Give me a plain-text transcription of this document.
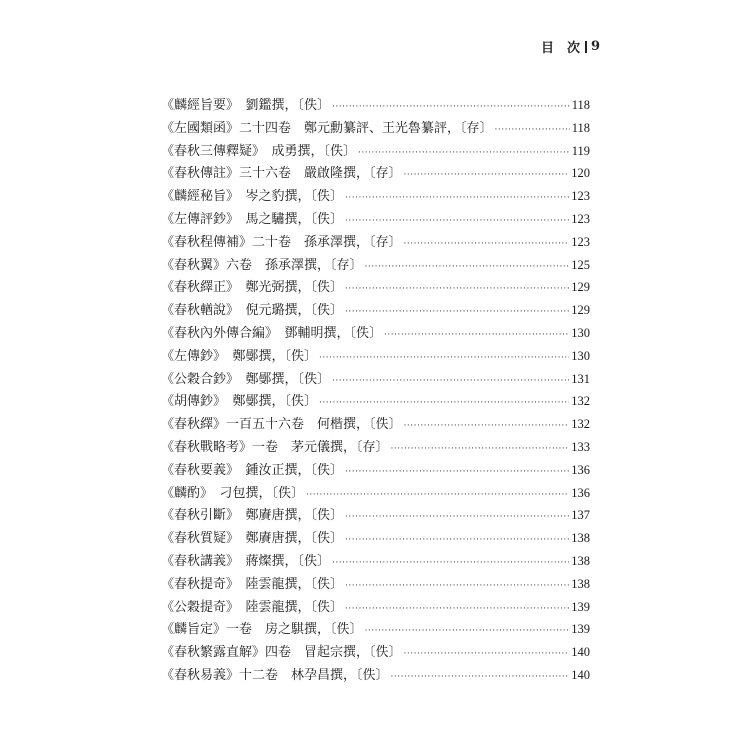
目　次 9
《麟經旨要》　劉鑑撰，〔佚〕 ·····	118
《左國類函》二十四卷　鄭元勳纂評、王光魯纂評，〔存〕 ·····	118
《春秋三傳釋疑》　成勇撰，〔佚〕 ·····	119
《春秋傳註》三十六卷　嚴啟隆撰，〔存〕 ·····	120
《麟經秘旨》　岑之豹撰，〔佚〕 ·····	123
《左傳評鈔》　馬之驌撰，〔佚〕 ·····	123
《春秋程傳補》二十卷　孫承澤撰，〔存〕 ·····	123
《春秋翼》六卷　孫承澤撰，〔存〕 ·····	125
《春秋繹正》　鄭光弼撰，〔佚〕 ·····	129
《春秋輶說》　倪元璐撰，〔佚〕 ·····	129
《春秋內外傳合編》　鄧輔明撰，〔佚〕 ·····	130
《左傳鈔》　鄭鄤撰，〔佚〕 ·····	130
《公穀合鈔》　鄭鄤撰，〔佚〕 ·····	131
《胡傳鈔》　鄭鄤撰，〔佚〕 ·····	132
《春秋繹》一百五十六卷　何楷撰，〔佚〕 ·····	132
《春秋戰略考》一卷　茅元儀撰，〔存〕 ·····	133
《春秋要義》　鍾汝正撰，〔佚〕 ·····	136
《麟酌》　刁包撰，〔佚〕 ·····	136
《春秋引斷》　鄭賡唐撰，〔佚〕 ·····	137
《春秋質疑》　鄭賡唐撰，〔佚〕 ·····	138
《春秋講義》　蔣燦撰，〔佚〕 ·····	138
《春秋提奇》　陸雲龍撰，〔佚〕 ·····	138
《公穀提奇》　陸雲龍撰，〔佚〕 ·····	139
《麟旨定》一卷　房之騏撰，〔佚〕 ·····	139
《春秋繁露直解》四卷　冒起宗撰，〔佚〕 ·····	140
《春秋易義》十二卷　林孕昌撰，〔佚〕 ·····	140
